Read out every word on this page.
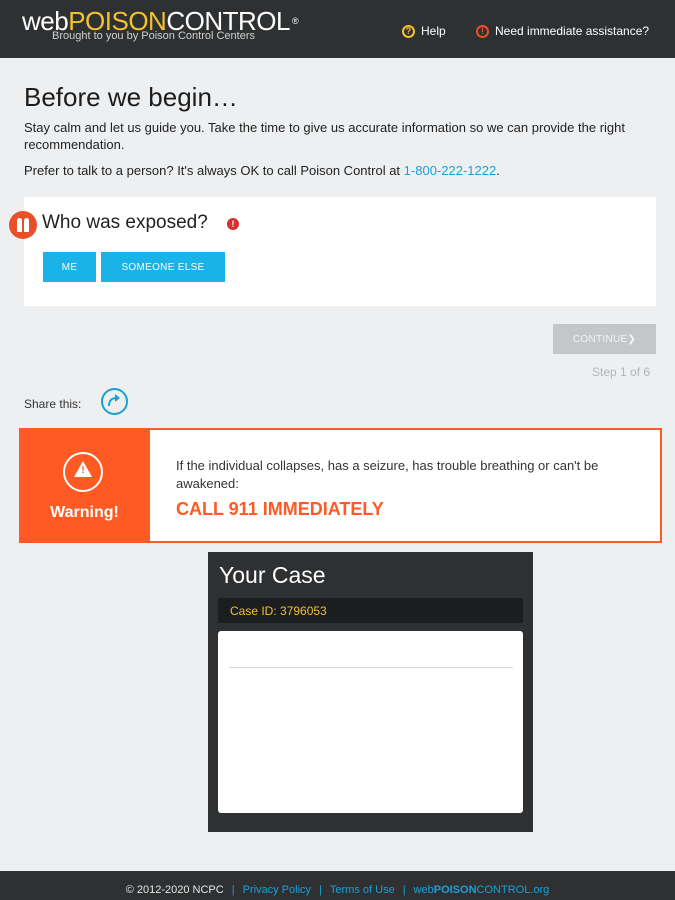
webPOISONCONTROL ®
Brought to you by Poison Control Centers	? Help	! Need immediate assistance?
Before we begin…
Stay calm and let us guide you. Take the time to give us accurate information so we can provide the right recommendation.
Prefer to talk to a person? It's always OK to call Poison Control at 1-800-222-1222.
Who was exposed?	!
ME	SOMEONE ELSE
CONTINUE ❯
Step 1 of 6
Share this:
!
Warning!
If the individual collapses, has a seizure, has trouble breathing or can't be awakened:
CALL 911 IMMEDIATELY
Your Case
Case ID: 3796053
© 2012-2020 NCPC | Privacy Policy | Terms of Use | webPOISONCONTROL.org
